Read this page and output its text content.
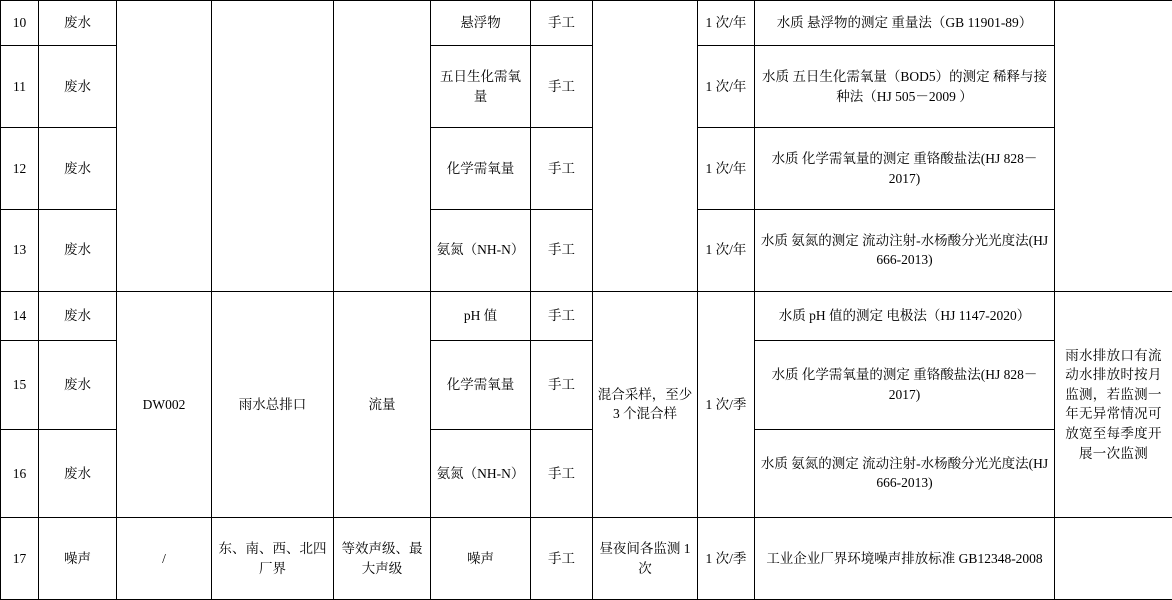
10	废水				悬浮物	手工		1 次/年	水质 悬浮物的测定 重量法（GB 11901-89）	
11	废水				五日生化需氧量	手工		1 次/年	水质 五日生化需氧量（BOD5）的测定 稀释与接种法（HJ 505－2009 ）	
12	废水				化学需氧量	手工		1 次/年	水质 化学需氧量的测定 重铬酸盐法(HJ 828－2017)	
13	废水				氨氮（NH-N）	手工		1 次/年	水质 氨氮的测定 流动注射-水杨酸分光光度法(HJ 666-2013)	
14	废水	DW002	雨水总排口	流量	pH 值	手工	混合采样，至少 3 个混合样	1 次/季	水质 pH 值的测定 电极法（HJ 1147-2020）	雨水排放口有流动水排放时按月监测，若监测一年无异常情况可放宽至每季度开展一次监测
15	废水				化学需氧量	手工			水质 化学需氧量的测定 重铬酸盐法(HJ 828－2017)	
16	废水				氨氮（NH-N）	手工			水质 氨氮的测定 流动注射-水杨酸分光光度法(HJ 666-2013)	
17	噪声	/	东、南、西、北四厂界	等效声级、最大声级	噪声	手工	昼夜间各监测 1 次	1 次/季	工业企业厂界环境噪声排放标准 GB12348-2008	
